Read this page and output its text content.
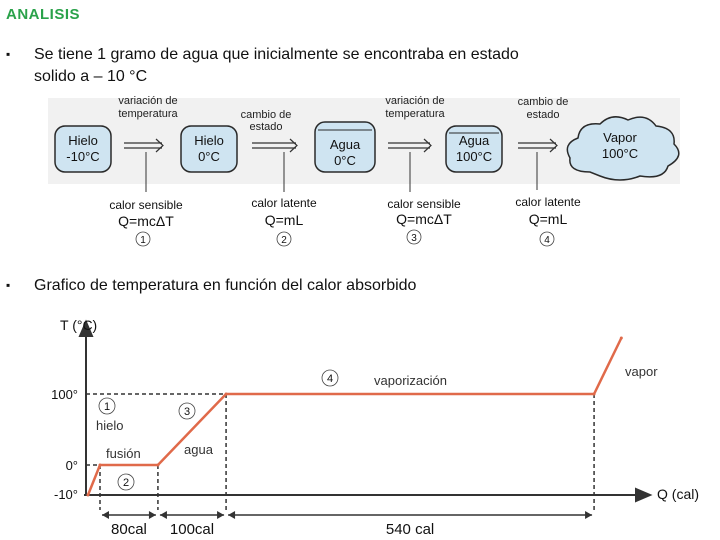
ANALISIS
▪ Se tiene 1 gramo de agua que inicialmente se encontraba en estado
solido a – 10 °C
variación de
temperatura	cambio de
estado
variación de
temperatura
cambio de
estado
Hielo
-10°C
Hielo
0°C
Agua
0°C
Agua
100°C
Vapor
100°C
calor sensible
Q=mcΔT
calor latente
Q=mL
calor sensible
Q=mcΔT
calor latente
Q=mL
1	2	3	4
▪ Grafico de temperatura en función del calor absorbido
T (°C)
Q (cal)
100°
0°
-10°
hielo
fusión	agua
vaporización
vapor
1
2
3
4
80cal 100cal	540 cal
